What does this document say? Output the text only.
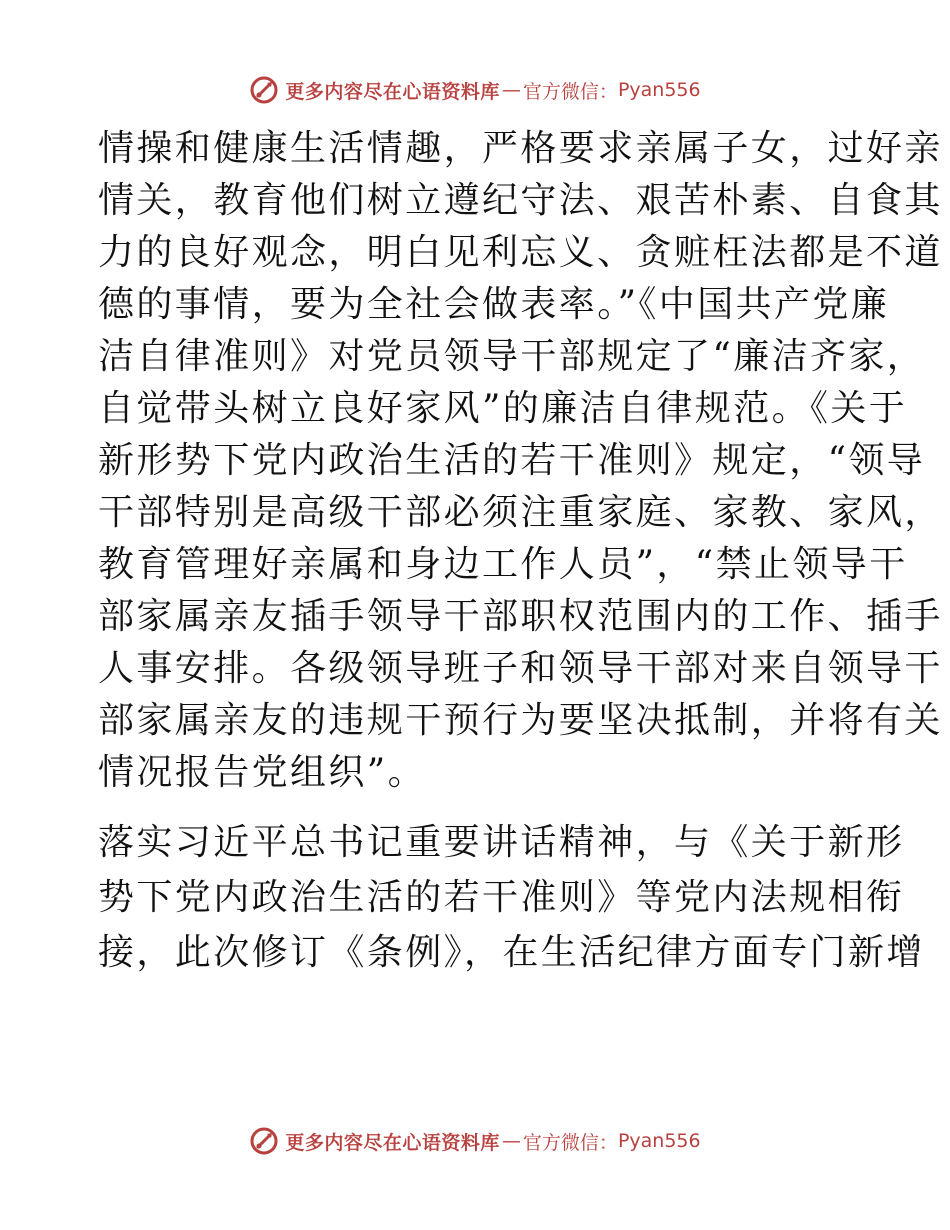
更多内容尽在心语资料库 — 官方微信： Pyan556
情操和健康生活情趣，严格要求亲属子女，过好亲
情关，教育他们树立遵纪守法、艰苦朴素、自食其
力的良好观念，明白见利忘义、贪赃枉法都是不道
德的事情，要为全社会做表率。”《中国共产党廉
洁自律准则》对党员领导干部规定了“廉洁齐家，
自觉带头树立良好家风”的廉洁自律规范。《关于
新形势下党内政治生活的若干准则》规定，“领导
干部特别是高级干部必须注重家庭、家教、家风，
教育管理好亲属和身边工作人员”，“禁止领导干
部家属亲友插手领导干部职权范围内的工作、插手
人事安排。各级领导班子和领导干部对来自领导干
部家属亲友的违规干预行为要坚决抵制，并将有关
情况报告党组织”。
落实习近平总书记重要讲话精神，与《关于新形
势下党内政治生活的若干准则》等党内法规相衔
接，此次修订《条例》，在生活纪律方面专门新增
更多内容尽在心语资料库 — 官方微信： Pyan556
